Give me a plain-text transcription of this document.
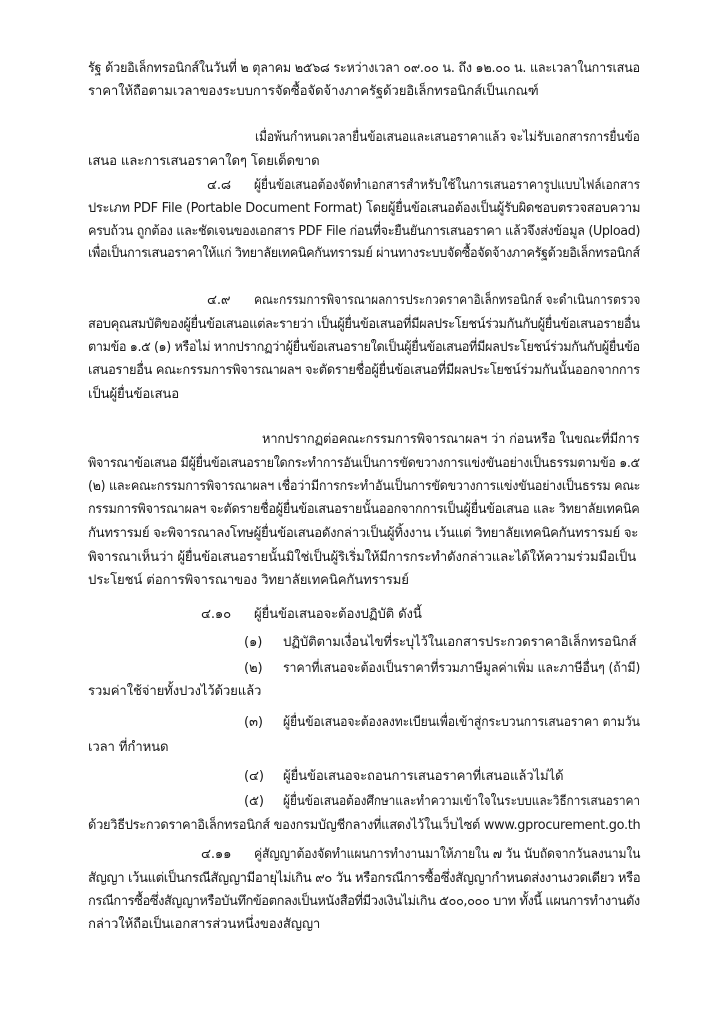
รัฐ ด้วยอิเล็กทรอนิกส์ในวันที่ ๒ ตุลาคม ๒๕๖๘ ระหว่างเวลา ๐๙.๐๐ น. ถึง ๑๒.๐๐ น. และเวลาในการเสนอ

ราคาให้ถือตามเวลาของระบบการจัดซื้อจัดจ้างภาครัฐด้วยอิเล็กทรอนิกส์เป็นเกณฑ์

เมื่อพ้นกำหนดเวลายื่นข้อเสนอและเสนอราคาแล้ว จะไม่รับเอกสารการยื่นข้อ

เสนอ และการเสนอราคาใดๆ โดยเด็ดขาด

๔.๘ ผู้ยื่นข้อเสนอต้องจัดทำเอกสารสำหรับใช้ในการเสนอราคารูปแบบไฟล์เอกสาร

ประเภท PDF File (Portable Document Format) โดยผู้ยื่นข้อเสนอต้องเป็นผู้รับผิดชอบตรวจสอบความ

ครบถ้วน ถูกต้อง และชัดเจนของเอกสาร PDF File ก่อนที่จะยืนยันการเสนอราคา แล้วจึงส่งข้อมูล (Upload)

เพื่อเป็นการเสนอราคาให้แก่ วิทยาลัยเทคนิคกันทรารมย์ ผ่านทางระบบจัดซื้อจัดจ้างภาครัฐด้วยอิเล็กทรอนิกส์

๔.๙ คณะกรรมการพิจารณาผลการประกวดราคาอิเล็กทรอนิกส์ จะดำเนินการตรวจ

สอบคุณสมบัติของผู้ยื่นข้อเสนอแต่ละรายว่า เป็นผู้ยื่นข้อเสนอที่มีผลประโยชน์ร่วมกันกับผู้ยื่นข้อเสนอรายอื่น

ตามข้อ ๑.๕ (๑) หรือไม่ หากปรากฏว่าผู้ยื่นข้อเสนอรายใดเป็นผู้ยื่นข้อเสนอที่มีผลประโยชน์ร่วมกันกับผู้ยื่นข้อ

เสนอรายอื่น คณะกรรมการพิจารณาผลฯ จะตัดรายชื่อผู้ยื่นข้อเสนอที่มีผลประโยชน์ร่วมกันนั้นออกจากการ

เป็นผู้ยื่นข้อเสนอ

หากปรากฏต่อคณะกรรมการพิจารณาผลฯ ว่า ก่อนหรือ ในขณะที่มีการ

พิจารณาข้อเสนอ มีผู้ยื่นข้อเสนอรายใดกระทำการอันเป็นการขัดขวางการแข่งขันอย่างเป็นธรรมตามข้อ ๑.๕

(๒) และคณะกรรมการพิจารณาผลฯ เชื่อว่ามีการกระทำอันเป็นการขัดขวางการแข่งขันอย่างเป็นธรรม คณะ

กรรมการพิจารณาผลฯ จะตัดรายชื่อผู้ยื่นข้อเสนอรายนั้นออกจากการเป็นผู้ยื่นข้อเสนอ และ วิทยาลัยเทคนิค

กันทรารมย์ จะพิจารณาลงโทษผู้ยื่นข้อเสนอดังกล่าวเป็นผู้ทิ้งงาน เว้นแต่ วิทยาลัยเทคนิคกันทรารมย์ จะ

พิจารณาเห็นว่า ผู้ยื่นข้อเสนอรายนั้นมิใช่เป็นผู้ริเริ่มให้มีการกระทำดังกล่าวและได้ให้ความร่วมมือเป็น

ประโยชน์ ต่อการพิจารณาของ วิทยาลัยเทคนิคกันทรารมย์

๔.๑๐ ผู้ยื่นข้อเสนอจะต้องปฏิบัติ ดังนี้

(๑) ปฏิบัติตามเงื่อนไขที่ระบุไว้ในเอกสารประกวดราคาอิเล็กทรอนิกส์

(๒) ราคาที่เสนอจะต้องเป็นราคาที่รวมภาษีมูลค่าเพิ่ม และภาษีอื่นๆ (ถ้ามี)

รวมค่าใช้จ่ายทั้งปวงไว้ด้วยแล้ว

(๓) ผู้ยื่นข้อเสนอจะต้องลงทะเบียนเพื่อเข้าสู่กระบวนการเสนอราคา ตามวัน

เวลา ที่กำหนด

(๔) ผู้ยื่นข้อเสนอจะถอนการเสนอราคาที่เสนอแล้วไม่ได้

(๕) ผู้ยื่นข้อเสนอต้องศึกษาและทำความเข้าใจในระบบและวิธีการเสนอราคา

ด้วยวิธีประกวดราคาอิเล็กทรอนิกส์ ของกรมบัญชีกลางที่แสดงไว้ในเว็บไซต์ www.gprocurement.go.th

๔.๑๑ คู่สัญญาต้องจัดทำแผนการทำงานมาให้ภายใน ๗ วัน นับถัดจากวันลงนามใน

สัญญา เว้นแต่เป็นกรณีสัญญามีอายุไม่เกิน ๙๐ วัน หรือกรณีการซื้อซึ่งสัญญากำหนดส่งงานงวดเดียว หรือ

กรณีการซื้อซึ่งสัญญาหรือบันทึกข้อตกลงเป็นหนังสือที่มีวงเงินไม่เกิน ๕๐๐,๐๐๐ บาท ทั้งนี้ แผนการทำงานดัง

กล่าวให้ถือเป็นเอกสารส่วนหนึ่งของสัญญา
